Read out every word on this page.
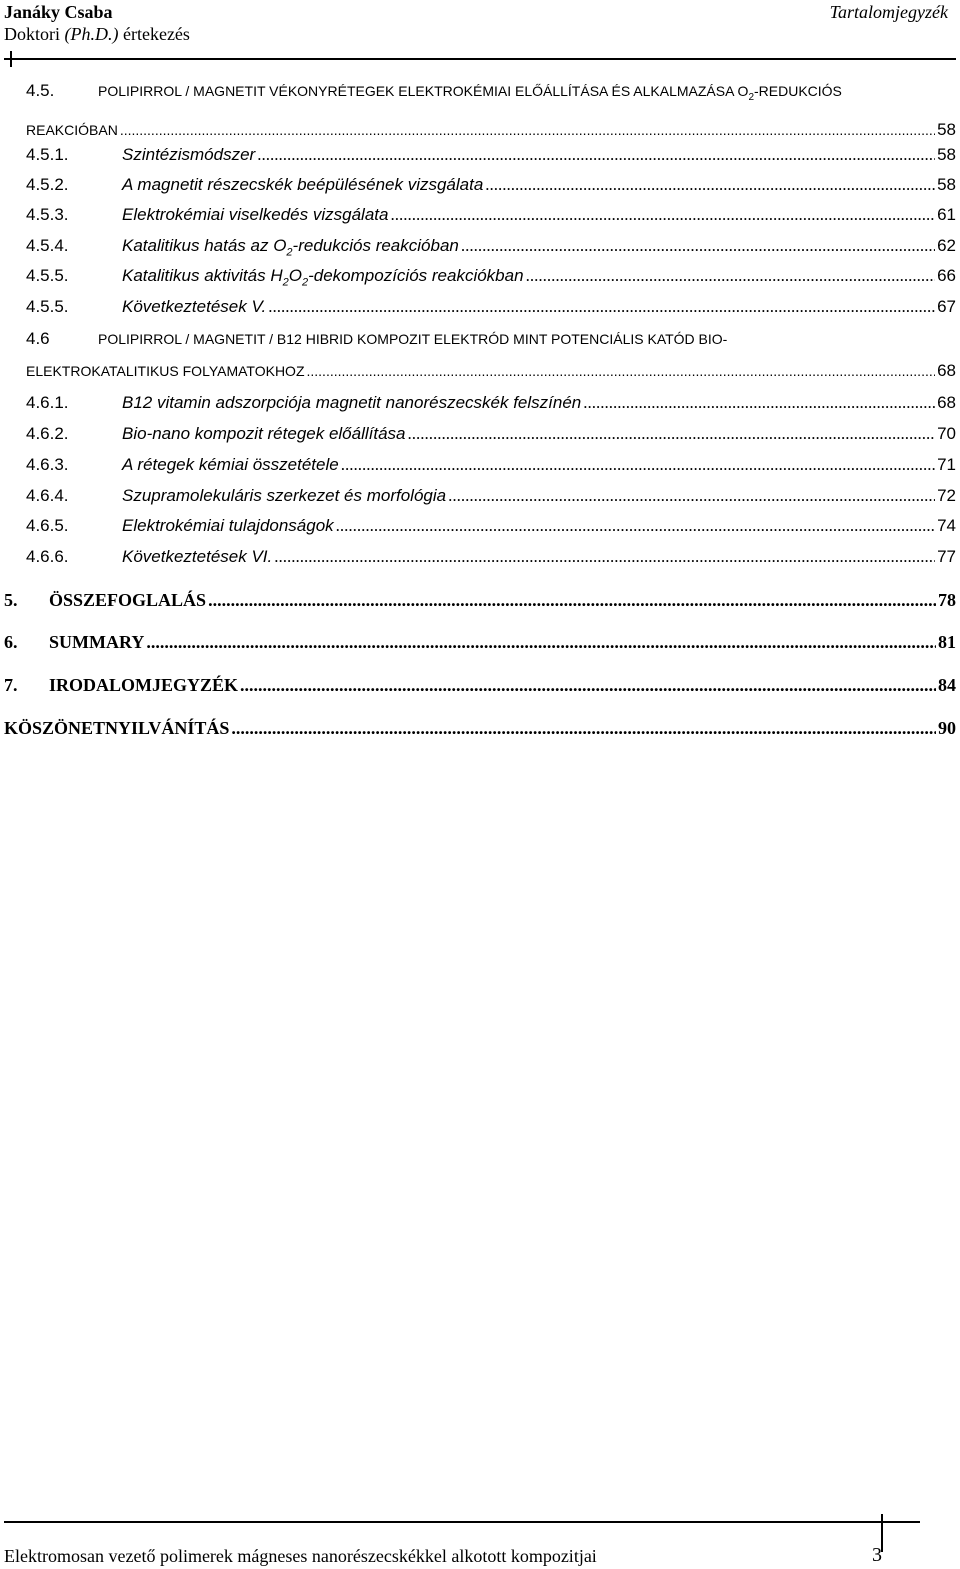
Janáky Csaba	Tartalomjegyzék
Doktori (Ph.D.) értekezés
4.5.	POLIPIRROL / MAGNETIT VÉKONYRÉTEGEK ELEKTROKÉMIAI ELŐÁLLÍTÁSA ÉS ALKALMAZÁSA $O_2$-REDUKCIÓS
REAKCIÓBAN .....	58
4.5.1.	Szintézismódszer .....	58
4.5.2.	A magnetit részecskék beépülésének vizsgálata .....	58
4.5.3.	Elektrokémiai viselkedés vizsgálata .....	61
4.5.4.	Katalitikus hatás az $O_2$-redukciós reakcióban .....	62
4.5.5.	Katalitikus aktivitás $H_2O_2$-dekompozíciós reakciókban .....	66
4.5.5.	Következtetések V. .....	67
4.6	POLIPIRROL / MAGNETIT / B12 HIBRID KOMPOZIT ELEKTRÓD MINT POTENCIÁLIS KATÓD BIO-
ELEKTROKATALITIKUS FOLYAMATOKHOZ .....	68
4.6.1.	B12 vitamin adszorpciója magnetit nanorészecskék felszínén .....	68
4.6.2.	Bio-nano kompozit rétegek előállítása .....	70
4.6.3.	A rétegek kémiai összetétele .....	71
4.6.4.	Szupramolekuláris szerkezet és morfológia .....	72
4.6.5.	Elektrokémiai tulajdonságok .....	74
4.6.6.	Következtetések VI. .....	77
5.	ÖSSZEFOGLALÁS .....	78
6.	SUMMARY .....	81
7.	IRODALOMJEGYZÉK .....	84
KÖSZÖNETNYILVÁNÍTÁS .....	90
Elektromosan vezető polimerek mágneses nanorészecskékkel alkotott kompozitjai	3
